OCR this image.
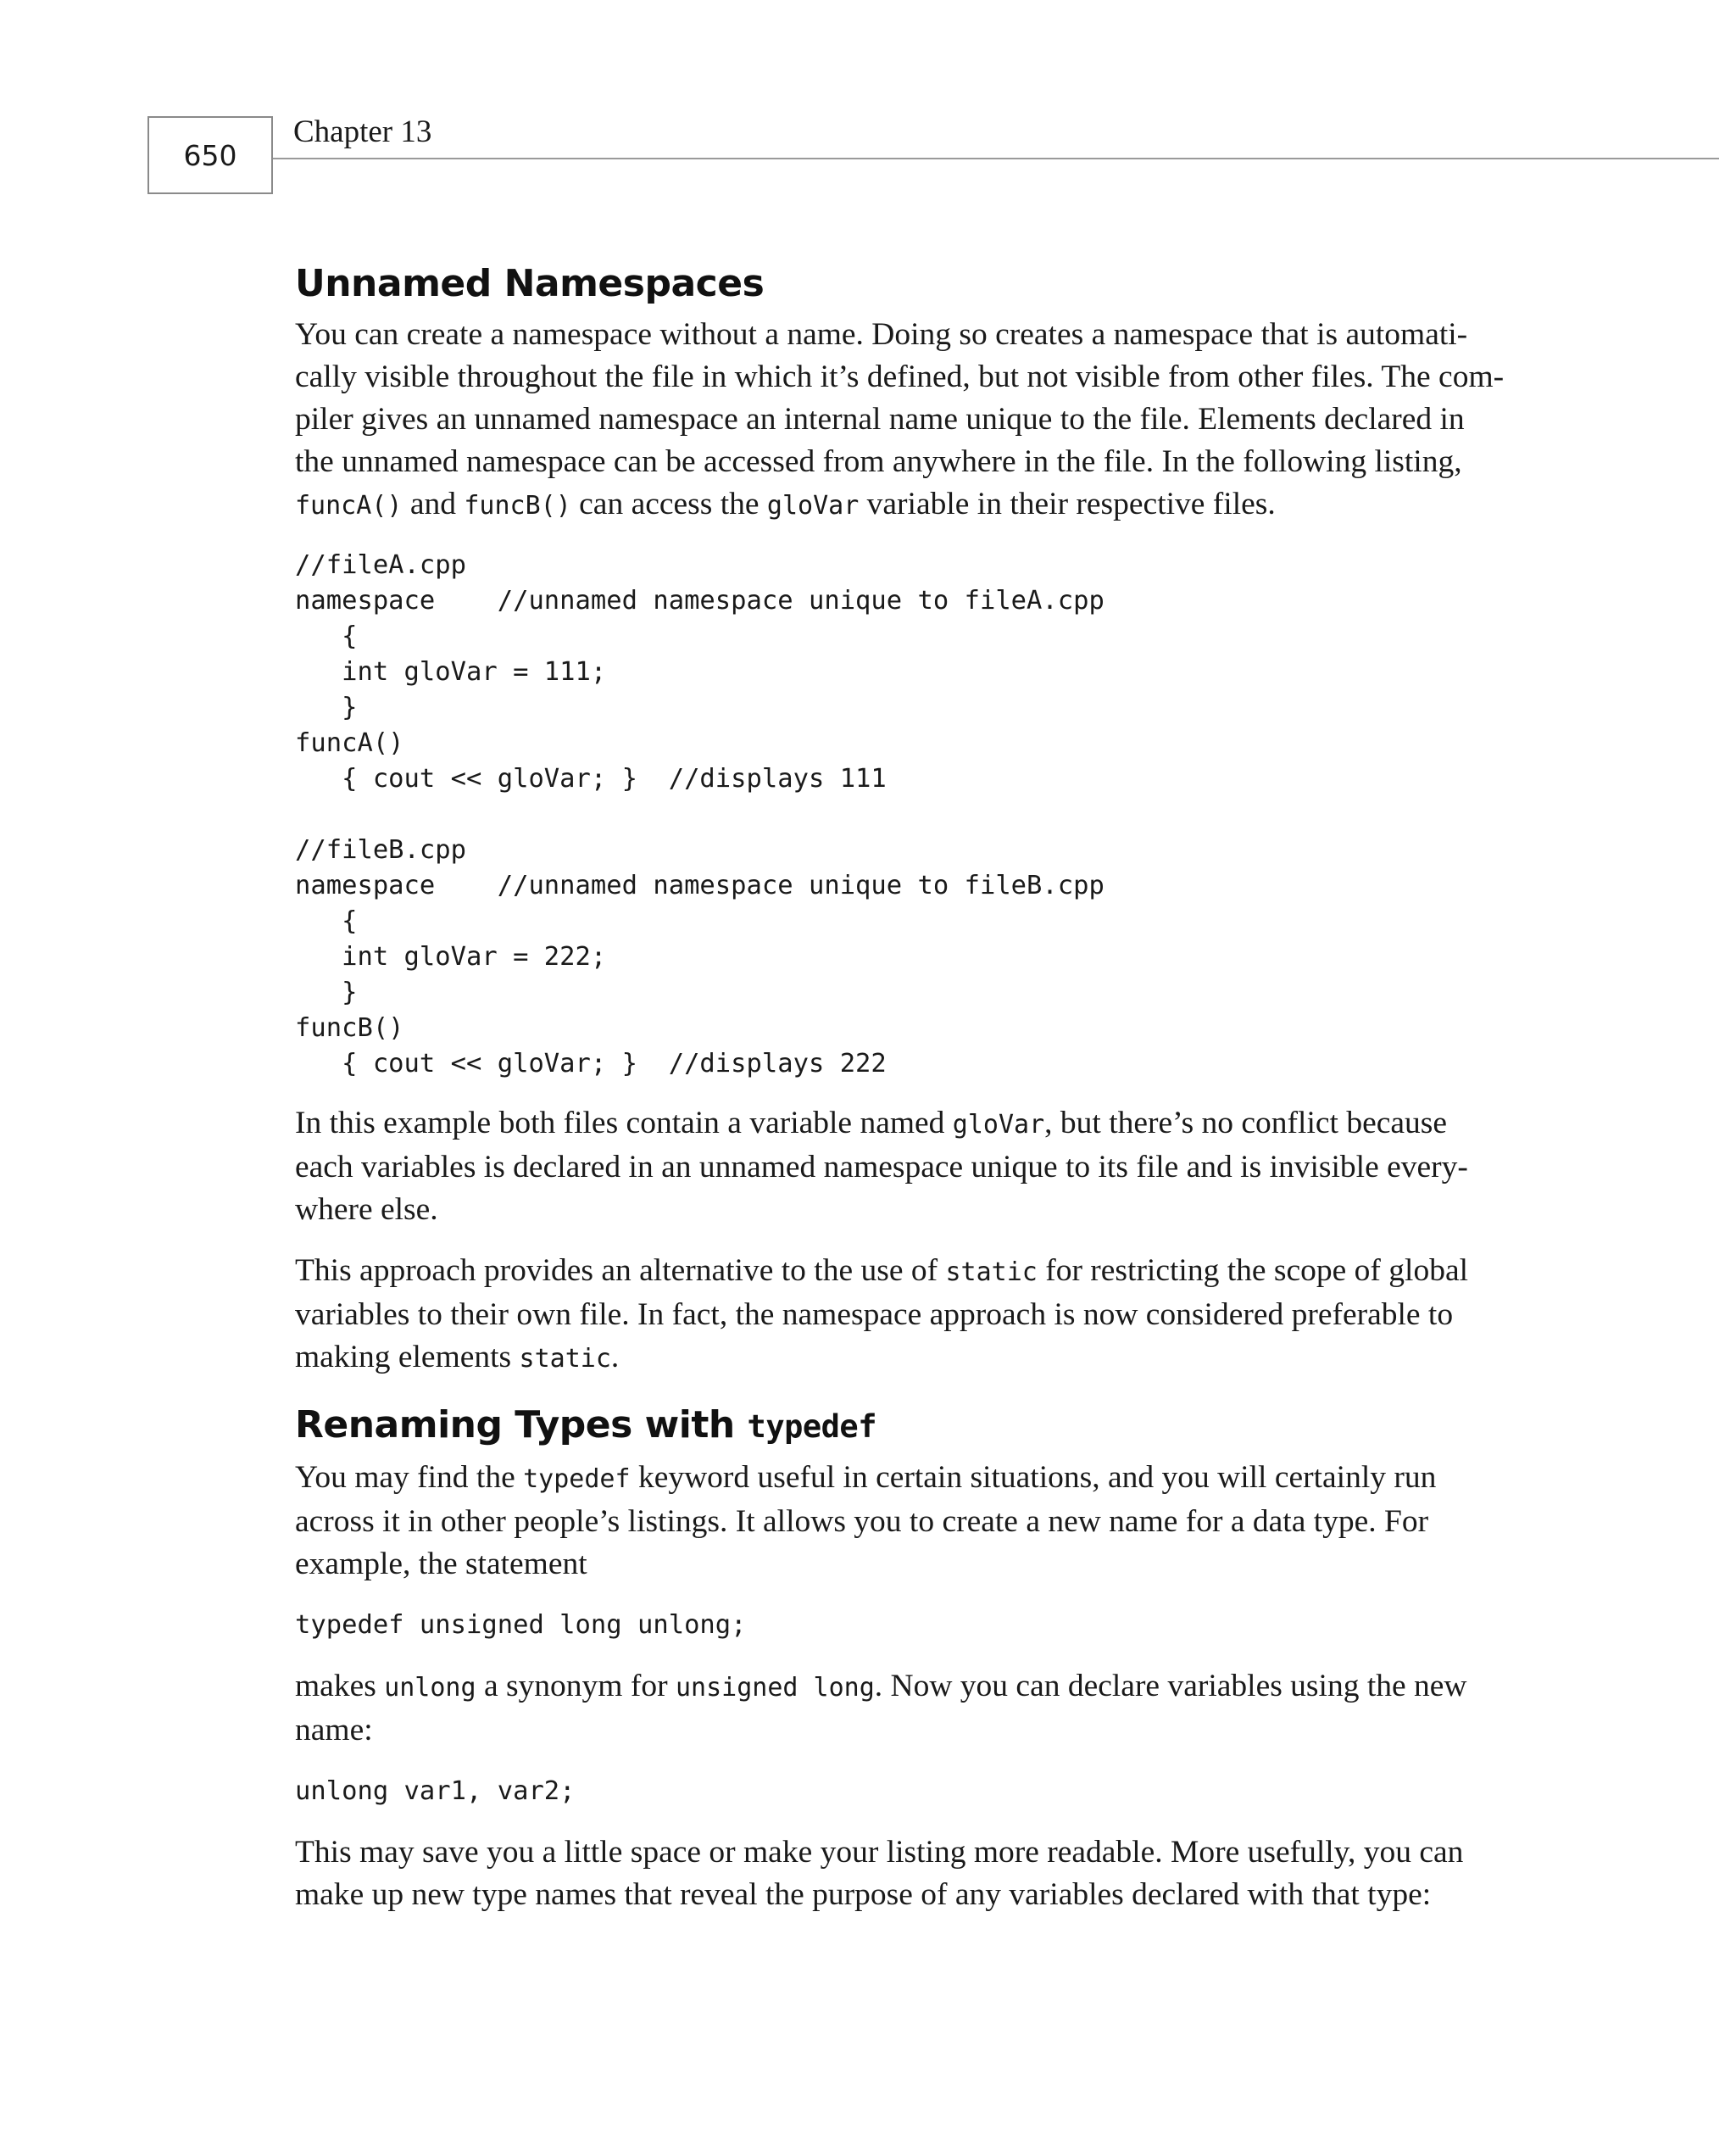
650
Chapter 13
Unnamed Namespaces

You can create a namespace without a name. Doing so creates a namespace that is automati-
cally visible throughout the file in which it’s defined, but not visible from other files. The com-
piler gives an unnamed namespace an internal name unique to the file. Elements declared in
the unnamed namespace can be accessed from anywhere in the file. In the following listing,
funcA() and funcB() can access the gloVar variable in their respective files.

//fileA.cpp
namespace    //unnamed namespace unique to fileA.cpp
{
int gloVar = 111;
}
funcA()
{ cout << gloVar; }  //displays 111

//fileB.cpp
namespace    //unnamed namespace unique to fileB.cpp
{
int gloVar = 222;
}
funcB()
{ cout << gloVar; }  //displays 222

In this example both files contain a variable named gloVar, but there’s no conflict because
each variables is declared in an unnamed namespace unique to its file and is invisible every-
where else.

This approach provides an alternative to the use of static for restricting the scope of global
variables to their own file. In fact, the namespace approach is now considered preferable to
making elements static.

Renaming Types with typedef

You may find the typedef keyword useful in certain situations, and you will certainly run
across it in other people’s listings. It allows you to create a new name for a data type. For
example, the statement

typedef unsigned long unlong;

makes unlong a synonym for unsigned long. Now you can declare variables using the new
name:

unlong var1, var2;

This may save you a little space or make your listing more readable. More usefully, you can
make up new type names that reveal the purpose of any variables declared with that type:
